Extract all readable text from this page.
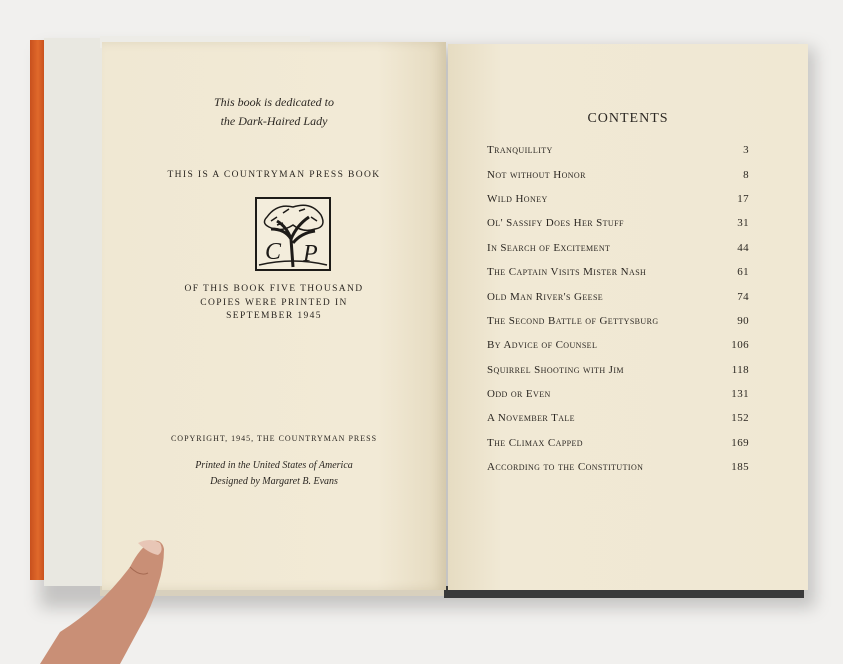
This book is dedicated to
the Dark-Haired Lady
THIS IS A COUNTRYMAN PRESS BOOK
C P
OF THIS BOOK FIVE THOUSAND
COPIES WERE PRINTED IN
SEPTEMBER 1945
COPYRIGHT, 1945, THE COUNTRYMAN PRESS
Printed in the United States of America
Designed by Margaret B. Evans
CONTENTS
Tranquillity	3
Not without Honor	8
Wild Honey	17
Ol' Sassify Does Her Stuff	31
In Search of Excitement	44
The Captain Visits Mister Nash	61
Old Man River's Geese	74
The Second Battle of Gettysburg	90
By Advice of Counsel	106
Squirrel Shooting with Jim	118
Odd or Even	131
A November Tale	152
The Climax Capped	169
According to the Constitution	185
